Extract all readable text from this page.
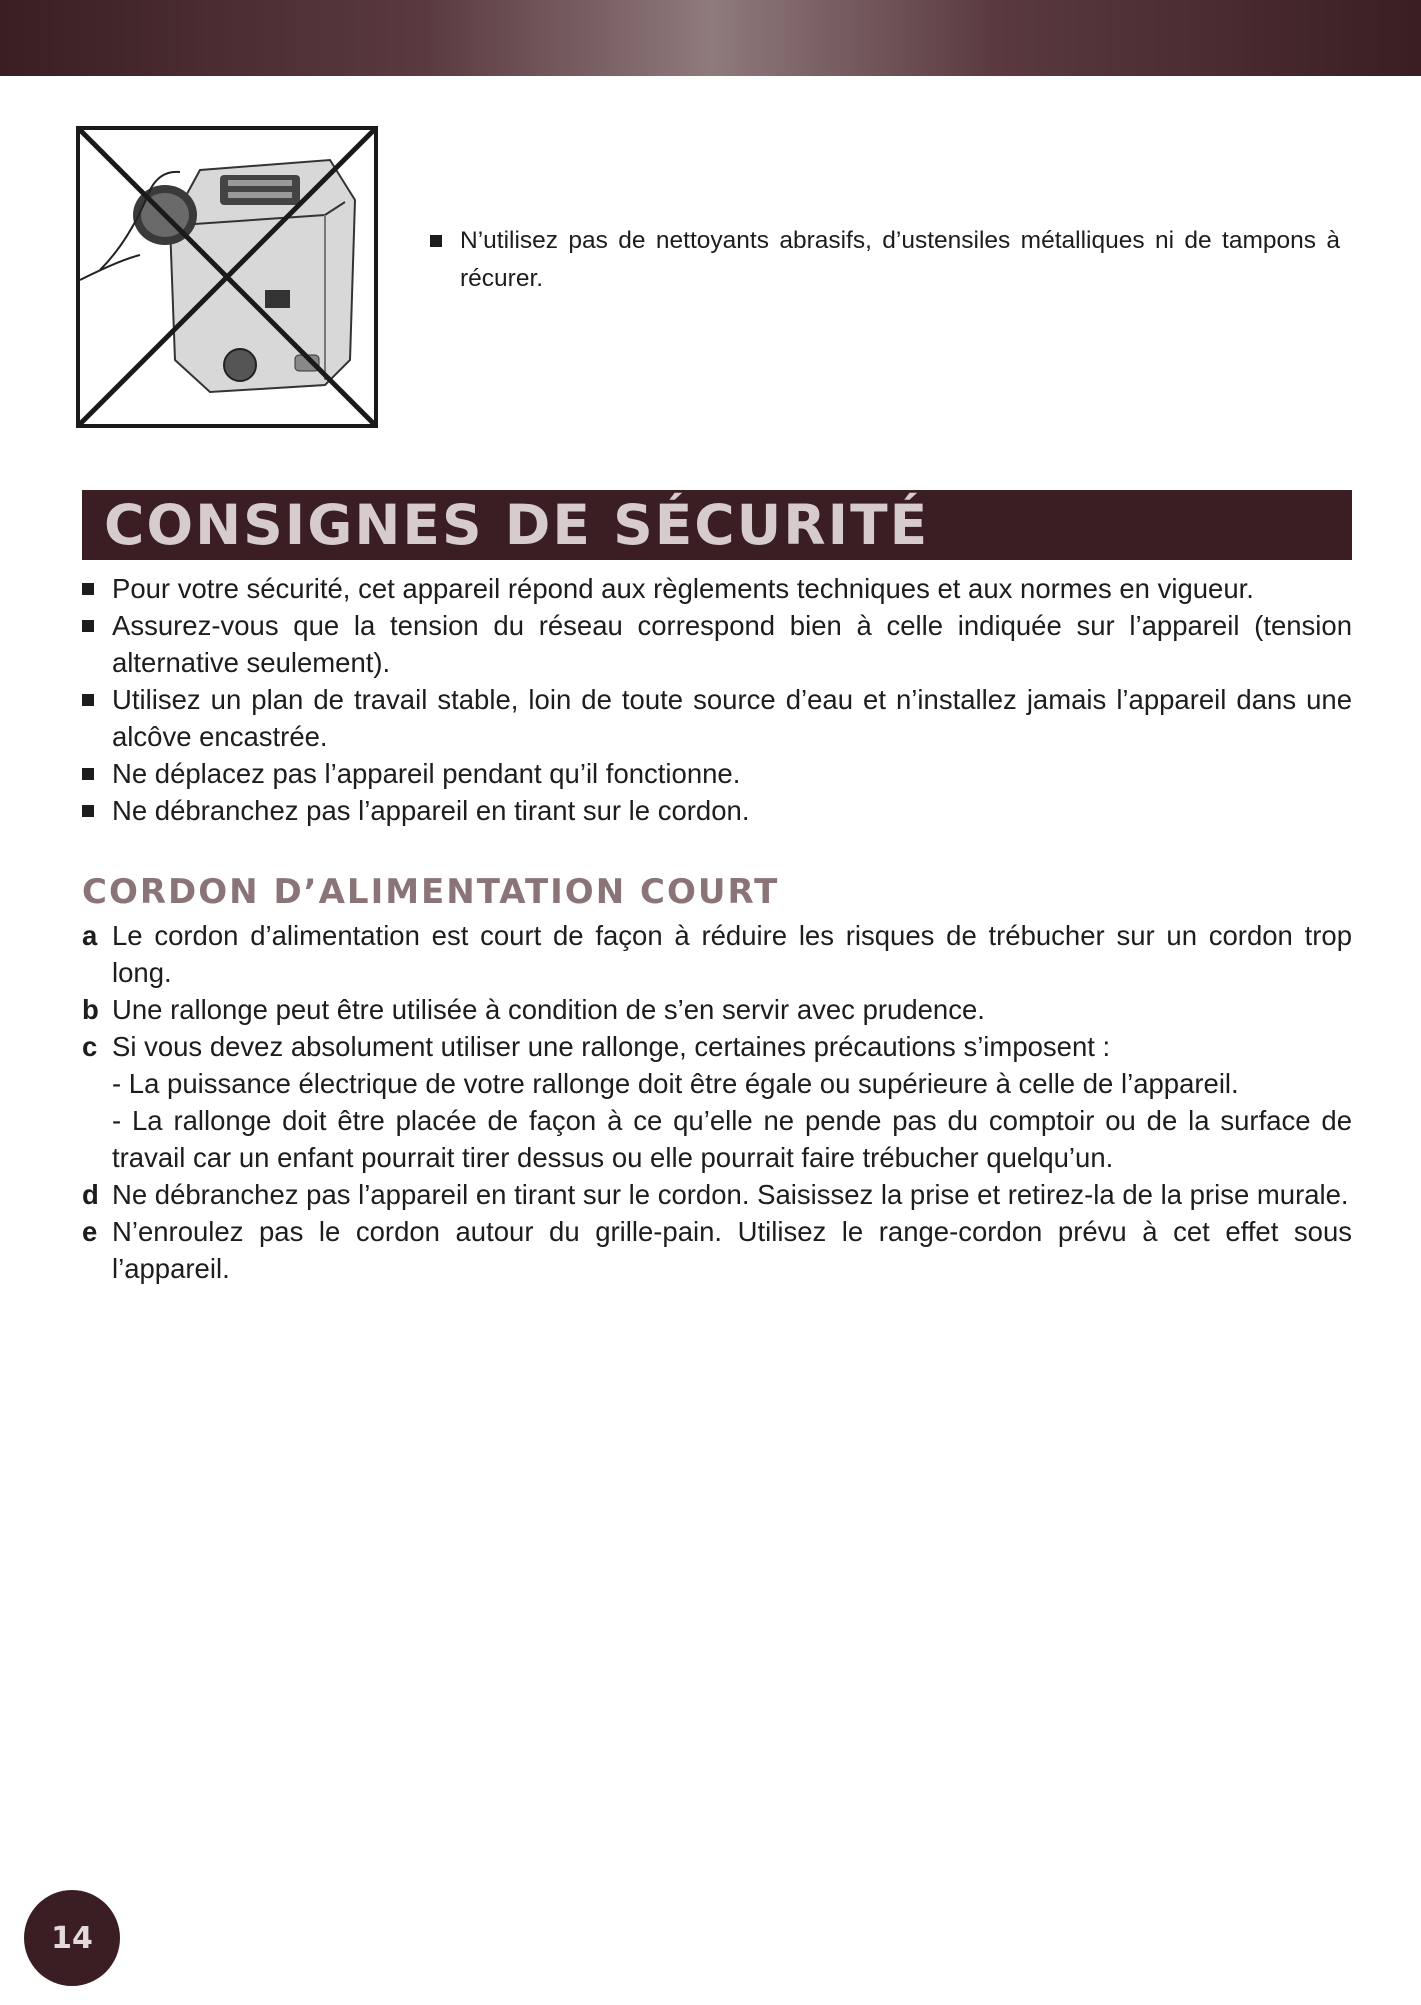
N’utilisez pas de nettoyants abrasifs, d’ustensiles métalliques ni de tampons à récurer.
CONSIGNES DE SÉCURITÉ
Pour votre sécurité, cet appareil répond aux règlements techniques et aux normes en vigueur.
Assurez-vous que la tension du réseau correspond bien à celle indiquée sur l’appareil (tension alternative seulement).
Utilisez un plan de travail stable, loin de toute source d’eau et n’installez jamais l’appareil dans une alcôve encastrée.
Ne déplacez pas l’appareil pendant qu’il fonctionne.
Ne débranchez pas l’appareil en tirant sur le cordon.
CORDON D’ALIMENTATION COURT
a Le cordon d’alimentation est court de façon à réduire les risques de trébucher sur un cordon trop long.
b Une rallonge peut être utilisée à condition de s’en servir avec prudence.
c Si vous devez absolument utiliser une rallonge, certaines précautions s’imposent :
- La puissance électrique de votre rallonge doit être égale ou supérieure à celle de l’appareil.
- La rallonge doit être placée de façon à ce qu’elle ne pende pas du comptoir ou de la surface de travail car un enfant pourrait tirer dessus ou elle pourrait faire trébucher quelqu’un.
d Ne débranchez pas l’appareil en tirant sur le cordon. Saisissez la prise et retirez-la de la prise murale.
e N’enroulez pas le cordon autour du grille-pain. Utilisez le range-cordon prévu à cet effet sous l’appareil.
14
